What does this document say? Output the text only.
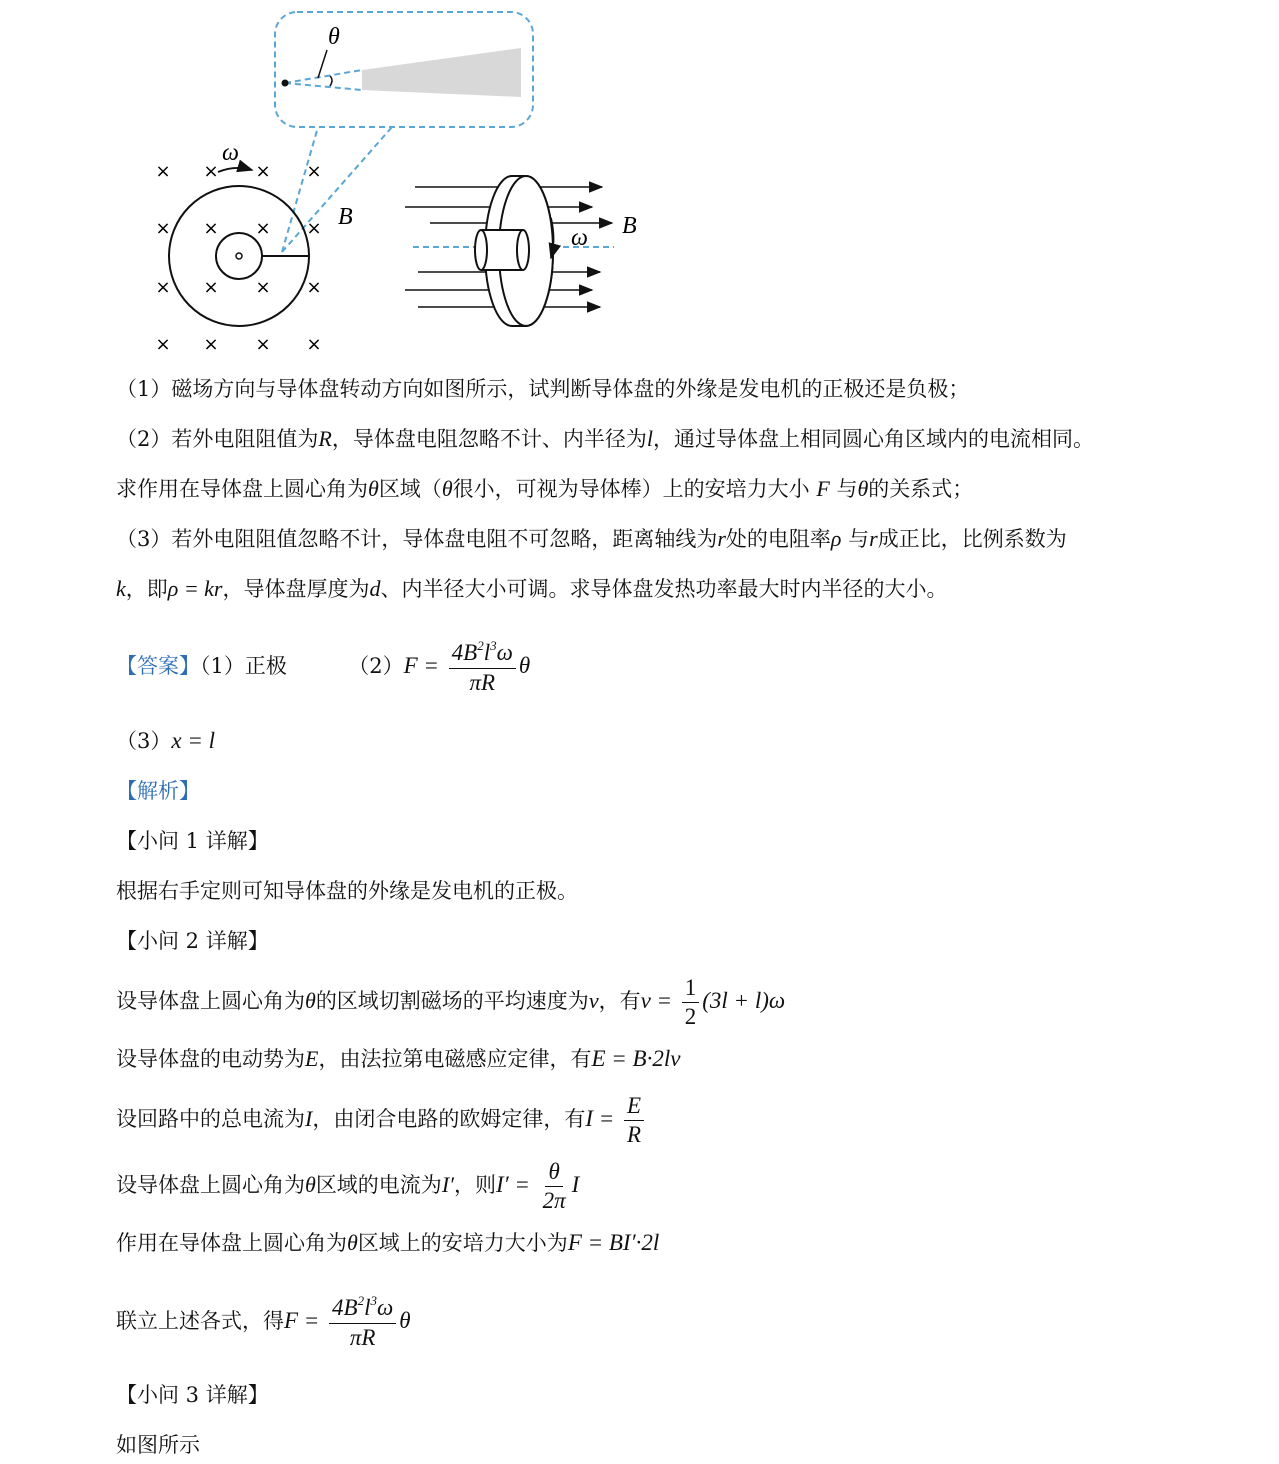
θ
× × × ×
× × × ×
× × × ×
× × × ×
ω
B
ω B
（1）磁场方向与导体盘转动方向如图所示，试判断导体盘的外缘是发电机的正极还是负极；
（2）若外电阻阻值为R，导体盘电阻忽略不计、内半径为l，通过导体盘上相同圆心角区域内的电流相同。
求作用在导体盘上圆心角为θ区域（θ很小，可视为导体棒）上的安培力大小 F 与θ的关系式；
（3）若外电阻阻值忽略不计，导体盘电阻不可忽略，距离轴线为r处的电阻率ρ 与r成正比，比例系数为
k，即ρ = kr，导体盘厚度为d、内半径大小可调。求导体盘发热功率最大时内半径的大小。
【答案】（1）正极	$(2)F = \frac{4B^2l^3\omega}{\pi R}$ θ
（3）x = l
【解析】
【小问 1 详解】
根据右手定则可知导体盘的外缘是发电机的正极。
【小问 2 详解】
设导体盘上圆心角为θ的区域切割磁场的平均速度为v，有$v = \frac{1}{2} (3l + l)\omega$
设导体盘的电动势为E，由法拉第电磁感应定律，有E = B·2lv
设回路中的总电流为I，由闭合电路的欧姆定律，有$I = \frac{E}{R}$
设导体盘上圆心角为θ区域的电流为I′，则$I' = \frac{\theta}{2\pi}$ I
作用在导体盘上圆心角为θ区域上的安培力大小为F = BI′·2l
联立上述各式，得$F = \frac{4B^2l^3\omega}{\pi R}$ θ
【小问 3 详解】
如图所示
